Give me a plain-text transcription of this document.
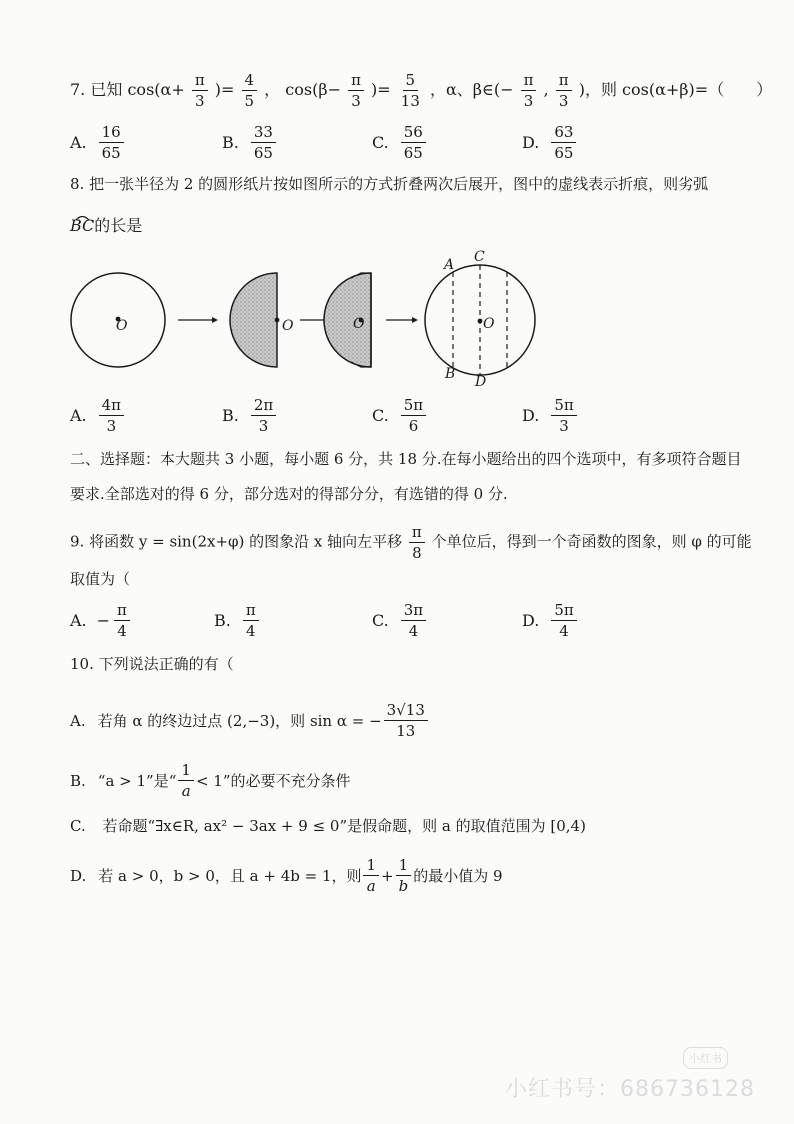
7. 已知 $\cos(\alpha+ \frac{\pi}{3}$ )= $\frac{4}{5}$ ， $\cos(\beta- \frac{\pi}{3}$ )= $\frac{5}{13}$ ，α、β∈(− $\frac{\pi}{3}$ , $\frac{\pi}{3}$ )，则 cos(α+β)=（　　）
A. $\frac{16}{65}$	B. $\frac{33}{65}$	C. $\frac{56}{65}$	D. $\frac{63}{65}$
8. 把一张半径为 2 的圆形纸片按如图所示的方式折叠两次后展开，图中的虚线表示折痕，则劣弧
BC的长是
O	O	O	O
A C
B D
A. $\frac{4\pi}{3}$	B. $\frac{2\pi}{3}$	C. $\frac{5\pi}{6}$	D. $\frac{5\pi}{3}$
二、选择题：本大题共 3 小题，每小题 6 分，共 18 分.在每小题给出的四个选项中，有多项符合题目
要求.全部选对的得 6 分，部分选对的得部分分，有选错的得 0 分.
9. 将函数 y = sin(2x+φ) 的图象沿 x 轴向左平移 $\frac{\pi}{8}$ 个单位后，得到一个奇函数的图象，则 φ 的可能
取值为（
A. − $\frac{\pi}{4}$	B. $\frac{\pi}{4}$	C. $\frac{3\pi}{4}$	D. $\frac{5\pi}{4}$
10. 下列说法正确的有（
A. 若角 α 的终边过点 (2,−3)，则 sin α = − $\frac{3√13}{13}$
B. “a > 1”是“ $\frac{1}{a} < 1$”的必要不充分条件
C. 若命题“∃x∈R, ax² − 3ax + 9 ≤ 0”是假命题，则 a 的取值范围为 [0,4)
D. 若 a > 0，b > 0，且 a + 4b = 1，则 $\frac{1}{a} + \frac{1}{b}$ 的最小值为 9
小红书
小红书号：686736128
